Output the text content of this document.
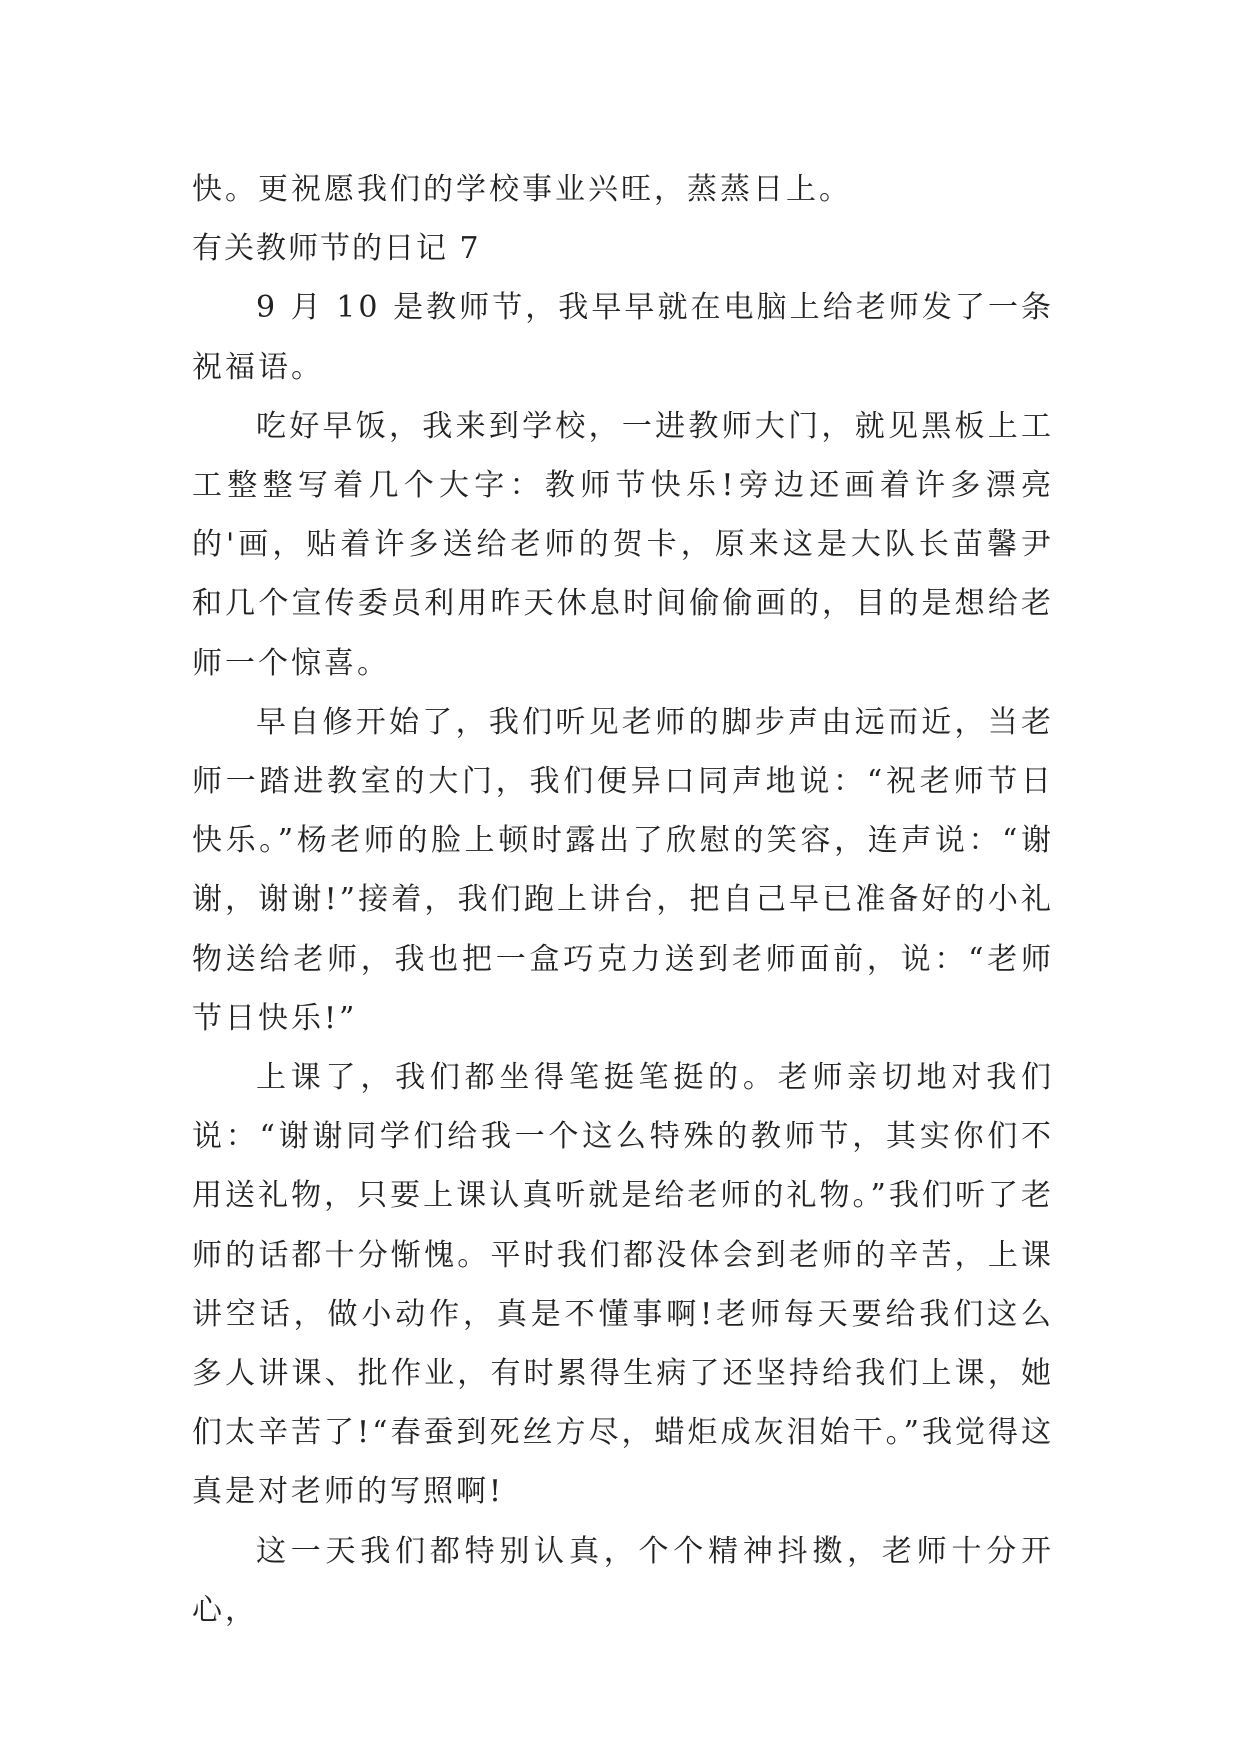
快。更祝愿我们的学校事业兴旺，蒸蒸日上。

有关教师节的日记 7

9 月 10 是教师节，我早早就在电脑上给老师发了一条祝福语。

吃好早饭，我来到学校，一进教师大门，就见黑板上工工整整写着几个大字：教师节快乐!旁边还画着许多漂亮的'画，贴着许多送给老师的贺卡，原来这是大队长苗馨尹和几个宣传委员利用昨天休息时间偷偷画的，目的是想给老师一个惊喜。

早自修开始了，我们听见老师的脚步声由远而近，当老师一踏进教室的大门，我们便异口同声地说：“祝老师节日快乐。”杨老师的脸上顿时露出了欣慰的笑容，连声说：“谢谢，谢谢!”接着，我们跑上讲台，把自己早已准备好的小礼物送给老师，我也把一盒巧克力送到老师面前，说：“老师节日快乐!”

上课了，我们都坐得笔挺笔挺的。老师亲切地对我们说：“谢谢同学们给我一个这么特殊的教师节，其实你们不用送礼物，只要上课认真听就是给老师的礼物。”我们听了老师的话都十分惭愧。平时我们都没体会到老师的辛苦，上课讲空话，做小动作，真是不懂事啊!老师每天要给我们这么多人讲课、批作业，有时累得生病了还坚持给我们上课，她们太辛苦了!“春蚕到死丝方尽，蜡炬成灰泪始干。”我觉得这真是对老师的写照啊!

这一天我们都特别认真，个个精神抖擞，老师十分开心，
